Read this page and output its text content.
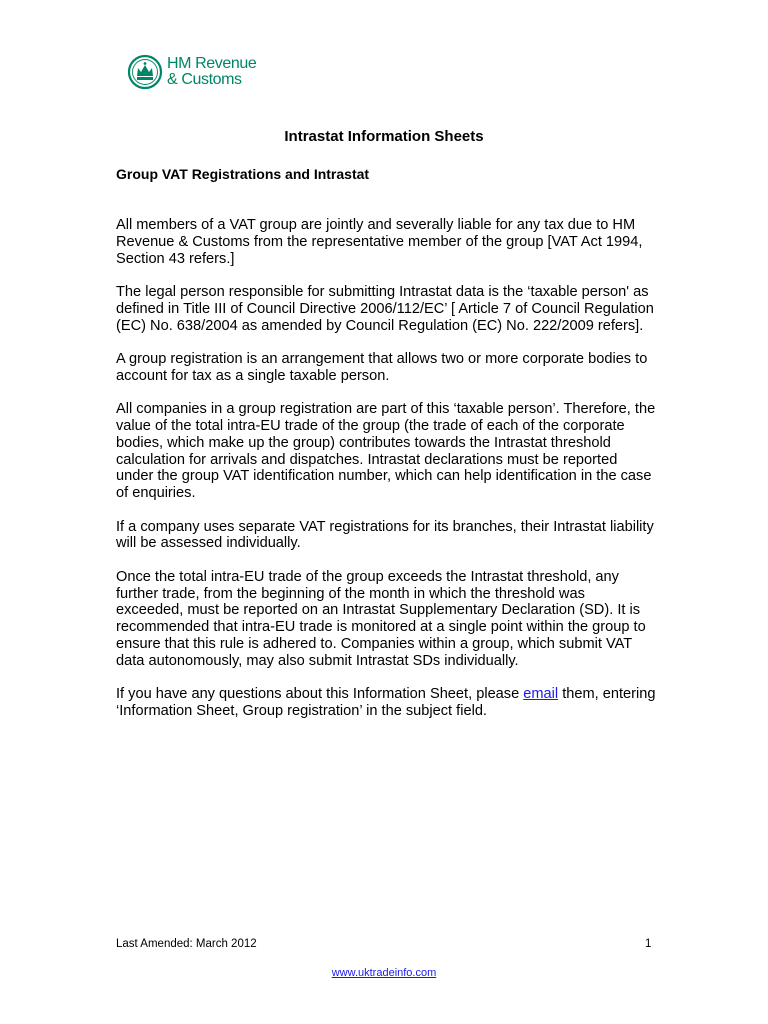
HM Revenue
& Customs
Intrastat Information Sheets
Group VAT Registrations and Intrastat

All members of a VAT group are jointly and severally liable for any tax due to HM Revenue & Customs from the representative member of the group [VAT Act 1994, Section 43 refers.]

The legal person responsible for submitting Intrastat data is the ‘taxable person' as defined in Title III of Council Directive 2006/112/EC’ [ Article 7 of Council Regulation (EC) No. 638/2004 as amended by Council Regulation (EC) No. 222/2009 refers].

A group registration is an arrangement that allows two or more corporate bodies to account for tax as a single taxable person.

All companies in a group registration are part of this ‘taxable person’. Therefore, the value of the total intra-EU trade of the group (the trade of each of the corporate bodies, which make up the group) contributes towards the Intrastat threshold calculation for arrivals and dispatches. Intrastat declarations must be reported under the group VAT identification number, which can help identification in the case of enquiries.

If a company uses separate VAT registrations for its branches, their Intrastat liability will be assessed individually.

Once the total intra-EU trade of the group exceeds the Intrastat threshold, any further trade, from the beginning of the month in which the threshold was exceeded, must be reported on an Intrastat Supplementary Declaration (SD). It is recommended that intra-EU trade is monitored at a single point within the group to ensure that this rule is adhered to. Companies within a group, which submit VAT data autonomously, may also submit Intrastat SDs individually.

If you have any questions about this Information Sheet, please email them, entering ‘Information Sheet, Group registration’ in the subject field.

Last Amended: March 2012	1
www.uktradeinfo.com
